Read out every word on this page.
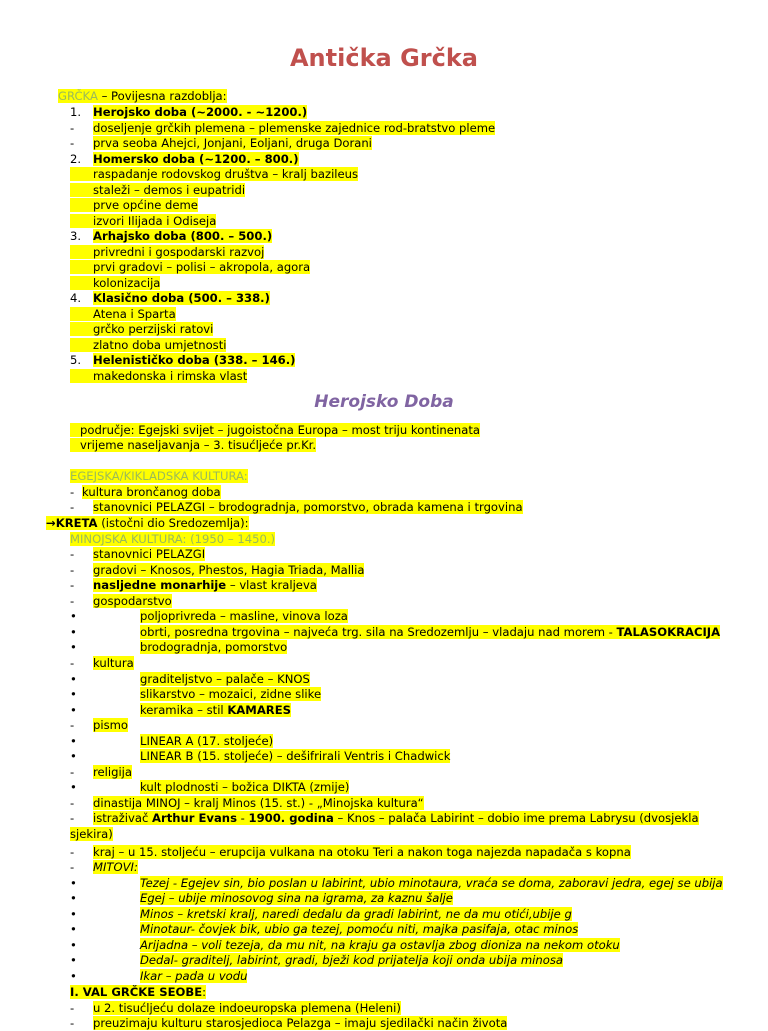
Antička Grčka
GRČKA – Povijesna razdoblja:
1. Herojsko doba (~2000. - ~1200.)
- doseljenje grčkih plemena – plemenske zajednice rod-bratstvo pleme
- prva seoba Ahejci, Jonjani, Eoljani, druga Dorani
2. Homersko doba (~1200. – 800.)
raspadanje rodovskog društva – kralj bazileus
staleži – demos i eupatridi
prve općine deme
izvori Ilijada i Odiseja
3. Arhajsko doba (800. – 500.)
privredni i gospodarski razvoj
prvi gradovi – polisi – akropola, agora
kolonizacija
4. Klasično doba (500. – 338.)
Atena i Sparta
grčko perzijski ratovi
zlatno doba umjetnosti
5. Helenističko doba (338. – 146.)
makedonska i rimska vlast
Herojsko Doba
područje: Egejski svijet – jugoistočna Europa – most triju kontinenata
vrijeme naseljavanja – 3. tisućljeće pr.Kr.
EGEJSKA/KIKLADSKA KULTURA:
- kultura brončanog doba
- stanovnici PELAZGI – brodogradnja, pomorstvo, obrada kamena i trgovina
→KRETA (istočni dio Sredozemlja):
MINOJSKA KULTURA: (1950 – 1450.)
- stanovnici PELAZGI
- gradovi – Knosos, Phestos, Hagia Triada, Mallia
- nasljedne monarhije – vlast kraljeva
- gospodarstvo
•	poljoprivreda – masline, vinova loza
•	obrti, posredna trgovina – najveća trg. sila na Sredozemlju – vladaju nad morem - TALASOKRACIJA
•	brodogradnja, pomorstvo
- kultura
•	graditeljstvo – palače – KNOS
•	slikarstvo – mozaici, zidne slike
•	keramika – stil KAMARES
- pismo
•	LINEAR A (17. stoljeće)
•	LINEAR B (15. stoljeće) – dešifrirali Ventris i Chadwick
- religija
•	kult plodnosti – božica DIKTA (zmije)
- dinastija MINOJ – kralj Minos (15. st.) - „Minojska kultura“
- istraživač Arthur Evans - 1900. godina – Knos – palača Labirint – dobio ime prema Labrysu (dvosjekla
sjekira)
- kraj – u 15. stoljeću – erupcija vulkana na otoku Teri a nakon toga najezda napadača s kopna
- MITOVI:
•	Tezej - Egejev sin, bio poslan u labirint, ubio minotaura, vraća se doma, zaboravi jedra, egej se ubija
•	Egej – ubije minosovog sina na igrama, za kaznu šalje
•	Minos – kretski kralj, naredi dedalu da gradi labirint, ne da mu otići,ubije g
•	Minotaur- čovjek bik, ubio ga tezej, pomoću niti, majka pasifaja, otac minos
•	Arijadna – voli tezeja, da mu nit, na kraju ga ostavlja zbog dioniza na nekom otoku
•	Dedal- graditelj, labirint, gradi, bježi kod prijatelja koji onda ubija minosa
•	Ikar – pada u vodu
I. VAL GRČKE SEOBE:
- u 2. tisućljeću dolaze indoeuropska plemena (Heleni)
- preuzimaju kulturu starosjedioca Pelazga – imaju sjedilački način života
